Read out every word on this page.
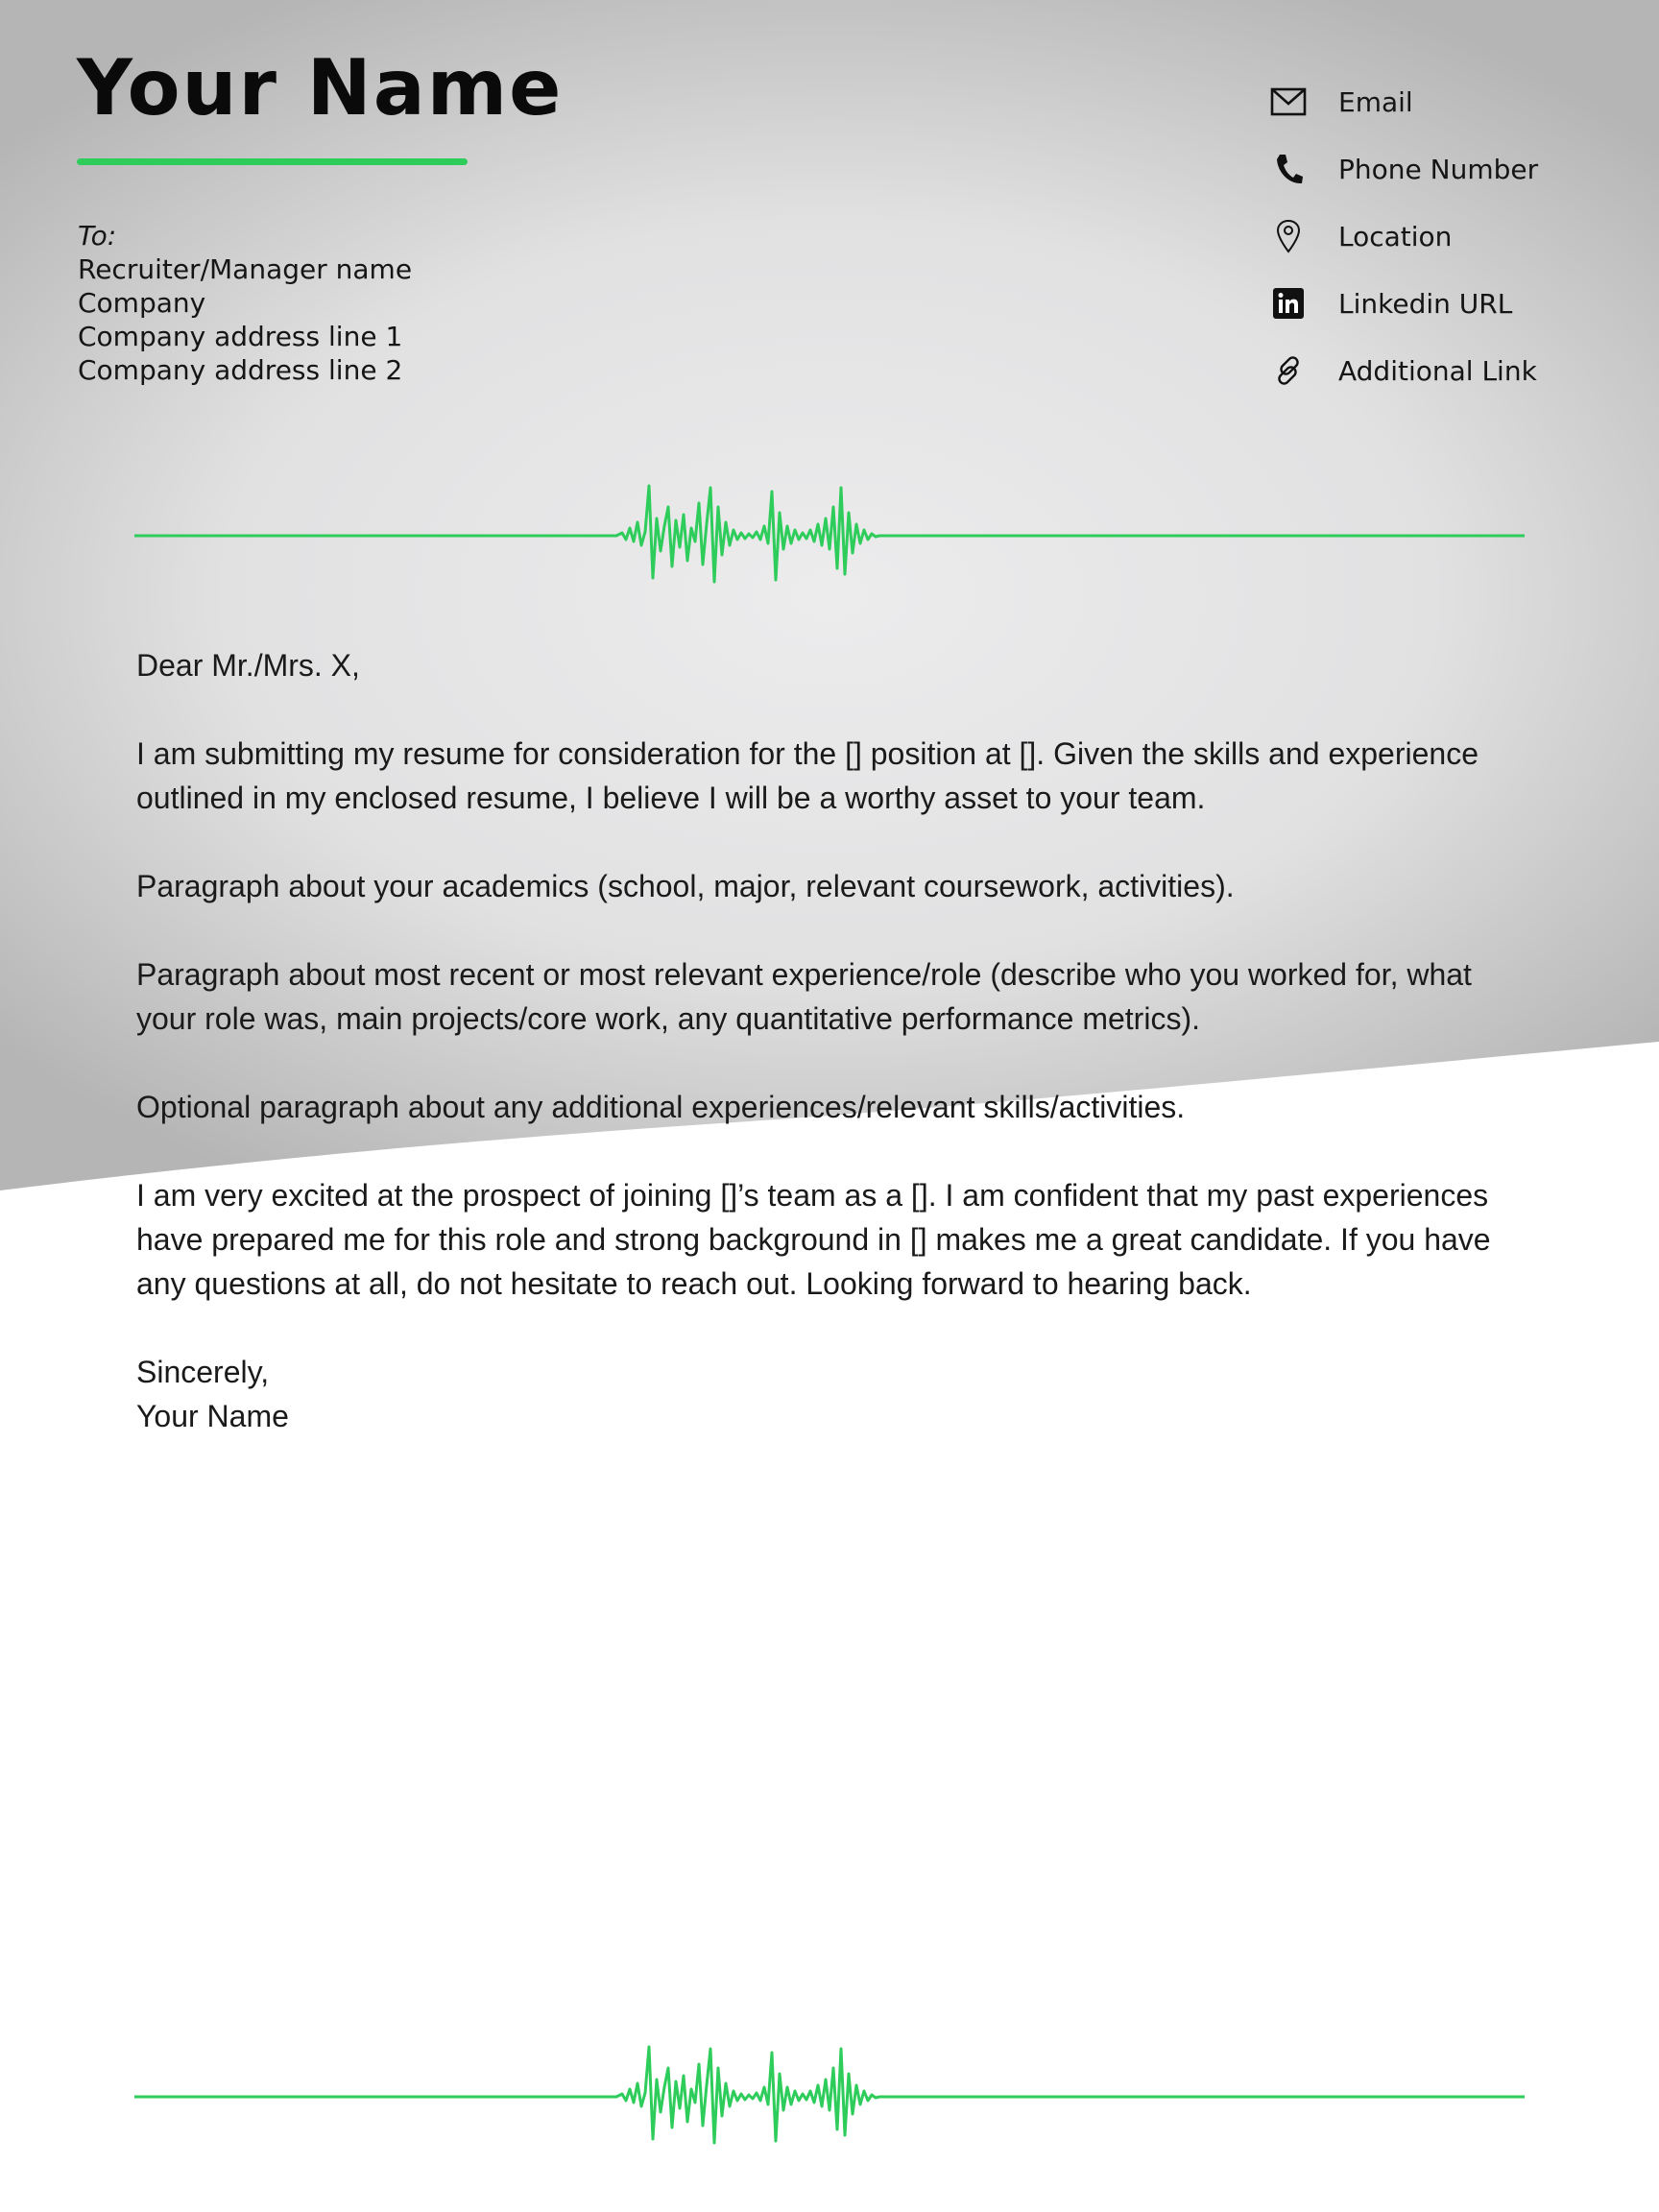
Your Name
To:
Recruiter/Manager name
Company
Company address line 1
Company address line 2
Email
Phone Number
Location
Linkedin URL
Additional Link

Dear Mr./Mrs. X,

I am submitting my resume for consideration for the [] position at []. Given the skills and experience outlined in my enclosed resume, I believe I will be a worthy asset to your team.

Paragraph about your academics (school, major, relevant coursework, activities).

Paragraph about most recent or most relevant experience/role (describe who you worked for, what your role was, main projects/core work, any quantitative performance metrics).

Optional paragraph about any additional experiences/relevant skills/activities.

I am very excited at the prospect of joining []’s team as a []. I am confident that my past experiences have prepared me for this role and strong background in [] makes me a great candidate. If you have any questions at all, do not hesitate to reach out. Looking forward to hearing back.

Sincerely,

Your Name
